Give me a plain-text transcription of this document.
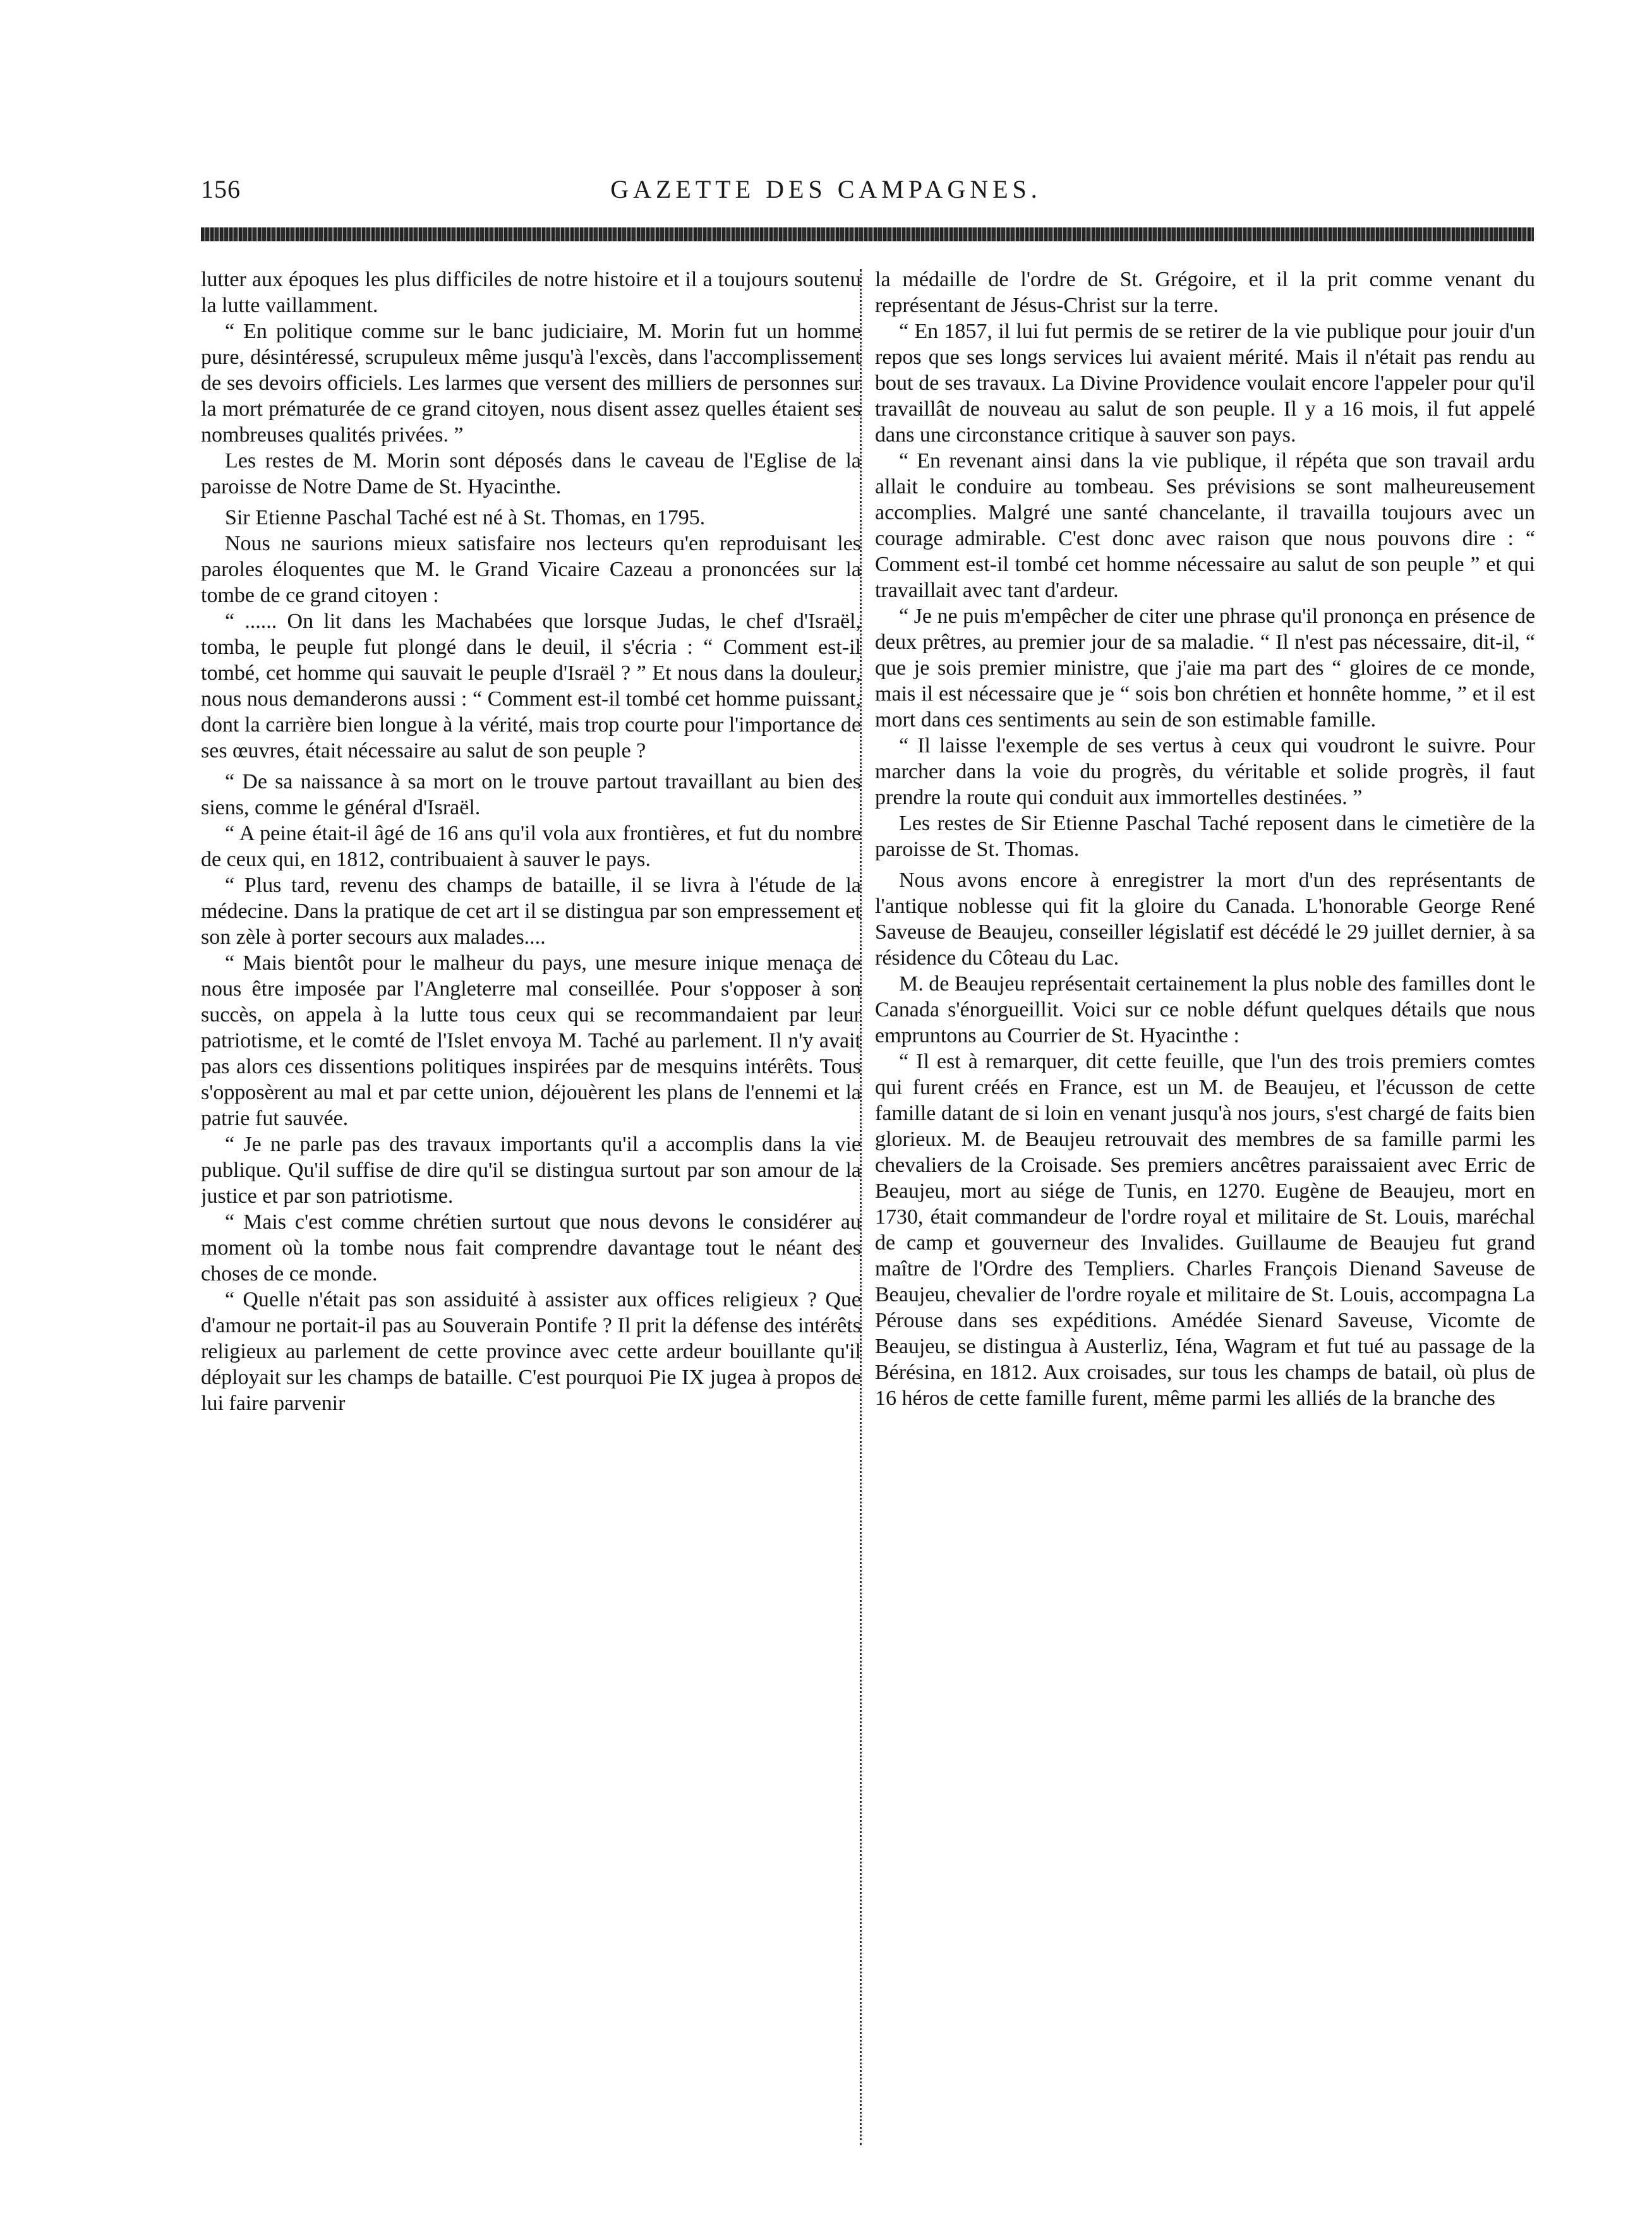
156	GAZETTE DES CAMPAGNES.

lutter aux époques les plus difficiles de notre histoire et il a toujours soutenu la lutte vaillamment.

“ En politique comme sur le banc judiciaire, M. Morin fut un homme pure, désintéressé, scrupuleux même jusqu'à l'excès, dans l'accomplissement de ses devoirs officiels. Les larmes que versent des milliers de personnes sur la mort prématurée de ce grand citoyen, nous disent assez quelles étaient ses nombreuses qualités privées. ”

Les restes de M. Morin sont déposés dans le caveau de l'Eglise de la paroisse de Notre Dame de St. Hyacinthe.

Sir Etienne Paschal Taché est né à St. Thomas, en 1795.

Nous ne saurions mieux satisfaire nos lecteurs qu'en reproduisant les paroles éloquentes que M. le Grand Vicaire Cazeau a prononcées sur la tombe de ce grand citoyen :

“ ...... On lit dans les Machabées que lorsque Judas, le chef d'Israël, tomba, le peuple fut plongé dans le deuil, il s'écria : “ Comment est-il tombé, cet homme qui sauvait le peuple d'Israël ? ” Et nous dans la douleur, nous nous demanderons aussi : “ Comment est-il tombé cet homme puissant, dont la carrière bien longue à la vérité, mais trop courte pour l'importance de ses œuvres, était nécessaire au salut de son peuple ?

“ De sa naissance à sa mort on le trouve partout travaillant au bien des siens, comme le général d'Israël.

“ A peine était-il âgé de 16 ans qu'il vola aux frontières, et fut du nombre de ceux qui, en 1812, contribuaient à sauver le pays.

“ Plus tard, revenu des champs de bataille, il se livra à l'étude de la médecine. Dans la pratique de cet art il se distingua par son empressement et son zèle à porter secours aux malades....

“ Mais bientôt pour le malheur du pays, une mesure inique menaça de nous être imposée par l'Angleterre mal conseillée. Pour s'opposer à son succès, on appela à la lutte tous ceux qui se recommandaient par leur patriotisme, et le comté de l'Islet envoya M. Taché au parlement. Il n'y avait pas alors ces dissentions politiques inspirées par de mesquins intérêts. Tous s'opposèrent au mal et par cette union, déjouèrent les plans de l'ennemi et la patrie fut sauvée.

“ Je ne parle pas des travaux importants qu'il a accomplis dans la vie publique. Qu'il suffise de dire qu'il se distingua surtout par son amour de la justice et par son patriotisme.

“ Mais c'est comme chrétien surtout que nous devons le considérer au moment où la tombe nous fait comprendre davantage tout le néant des choses de ce monde.

“ Quelle n'était pas son assiduité à assister aux offices religieux ? Que d'amour ne portait-il pas au Souverain Pontife ? Il prit la défense des intérêts religieux au parlement de cette province avec cette ardeur bouillante qu'il déployait sur les champs de bataille. C'est pourquoi Pie IX jugea à propos de lui faire parvenir

la médaille de l'ordre de St. Grégoire, et il la prit comme venant du représentant de Jésus-Christ sur la terre.

“ En 1857, il lui fut permis de se retirer de la vie publique pour jouir d'un repos que ses longs services lui avaient mérité. Mais il n'était pas rendu au bout de ses travaux. La Divine Providence voulait encore l'appeler pour qu'il travaillât de nouveau au salut de son peuple. Il y a 16 mois, il fut appelé dans une circonstance critique à sauver son pays.

“ En revenant ainsi dans la vie publique, il répéta que son travail ardu allait le conduire au tombeau. Ses prévisions se sont malheureusement accomplies. Malgré une santé chancelante, il travailla toujours avec un courage admirable. C'est donc avec raison que nous pouvons dire : “ Comment est-il tombé cet homme nécessaire au salut de son peuple ” et qui travaillait avec tant d'ardeur.

“ Je ne puis m'empêcher de citer une phrase qu'il prononça en présence de deux prêtres, au premier jour de sa maladie. “ Il n'est pas nécessaire, dit-il, “ que je sois premier ministre, que j'aie ma part des “ gloires de ce monde, mais il est nécessaire que je “ sois bon chrétien et honnête homme, ” et il est mort dans ces sentiments au sein de son estimable famille.

“ Il laisse l'exemple de ses vertus à ceux qui voudront le suivre. Pour marcher dans la voie du progrès, du véritable et solide progrès, il faut prendre la route qui conduit aux immortelles destinées. ”

Les restes de Sir Etienne Paschal Taché reposent dans le cimetière de la paroisse de St. Thomas.

Nous avons encore à enregistrer la mort d'un des représentants de l'antique noblesse qui fit la gloire du Canada. L'honorable George René Saveuse de Beaujeu, conseiller législatif est décédé le 29 juillet dernier, à sa résidence du Côteau du Lac.

M. de Beaujeu représentait certainement la plus noble des familles dont le Canada s'énorgueillit. Voici sur ce noble défunt quelques détails que nous empruntons au Courrier de St. Hyacinthe :

“ Il est à remarquer, dit cette feuille, que l'un des trois premiers comtes qui furent créés en France, est un M. de Beaujeu, et l'écusson de cette famille datant de si loin en venant jusqu'à nos jours, s'est chargé de faits bien glorieux. M. de Beaujeu retrouvait des membres de sa famille parmi les chevaliers de la Croisade. Ses premiers ancêtres paraissaient avec Erric de Beaujeu, mort au siége de Tunis, en 1270. Eugène de Beaujeu, mort en 1730, était commandeur de l'ordre royal et militaire de St. Louis, maréchal de camp et gouverneur des Invalides. Guillaume de Beaujeu fut grand maître de l'Ordre des Templiers. Charles François Dienand Saveuse de Beaujeu, chevalier de l'ordre royale et militaire de St. Louis, accompagna La Pérouse dans ses expéditions. Amédée Sienard Saveuse, Vicomte de Beaujeu, se distingua à Austerliz, Iéna, Wagram et fut tué au passage de la Bérésina, en 1812. Aux croisades, sur tous les champs de batail, où plus de 16 héros de cette famille furent, même parmi les alliés de la branche des
